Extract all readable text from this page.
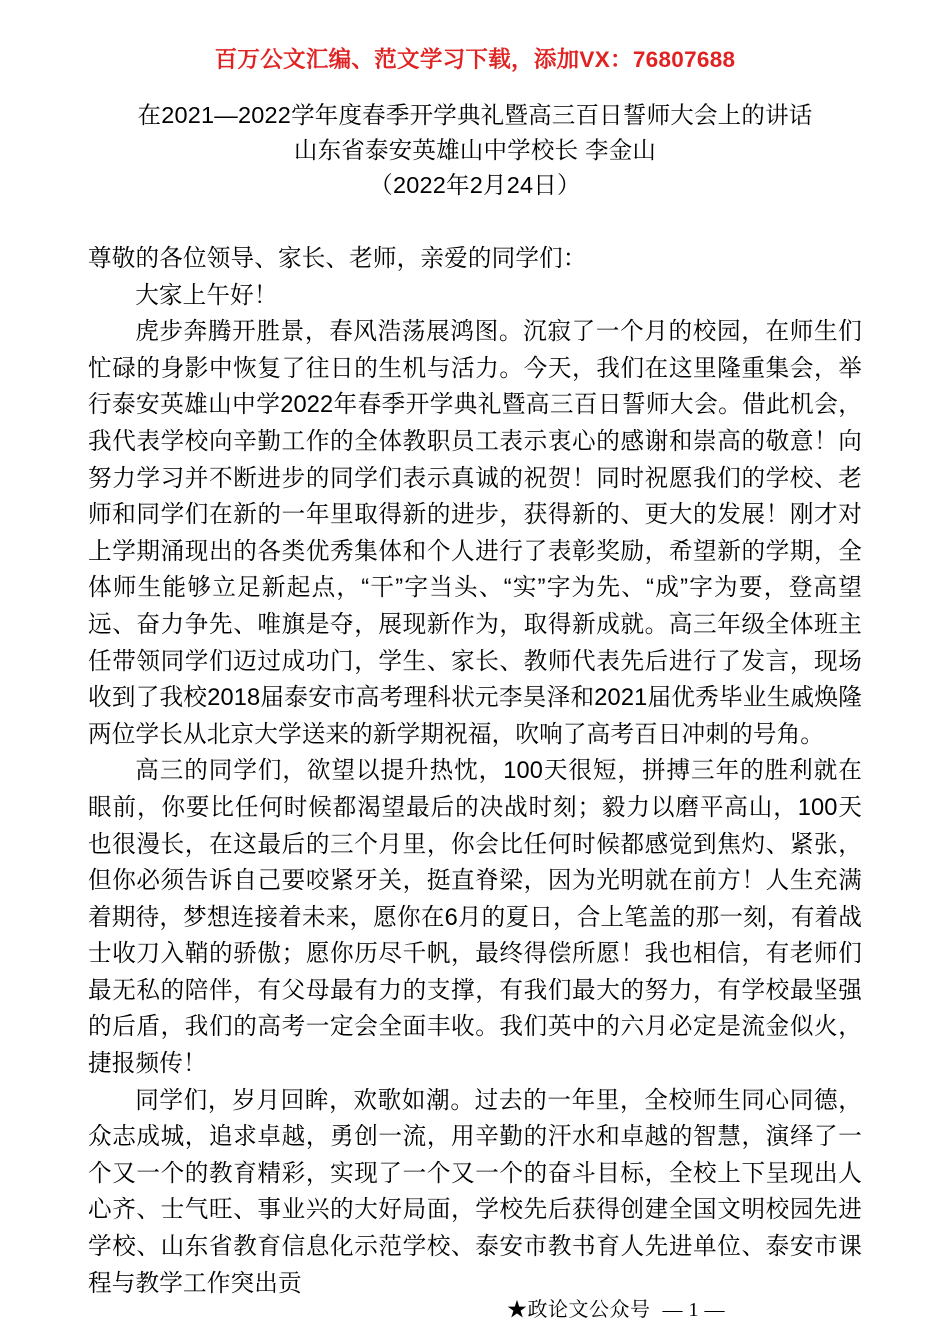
百万公文汇编、范文学习下载，添加VX：76807688
在2021—2022学年度春季开学典礼暨高三百日誓师大会上的讲话
山东省泰安英雄山中学校长 李金山
（2022年2月24日）

尊敬的各位领导、家长、老师，亲爱的同学们：

大家上午好！

虎步奔腾开胜景，春风浩荡展鸿图。沉寂了一个月的校园，在师生们忙碌的身影中恢复了往日的生机与活力。今天，我们在这里隆重集会，举行泰安英雄山中学2022年春季开学典礼暨高三百日誓师大会。借此机会，我代表学校向辛勤工作的全体教职员工表示衷心的感谢和崇高的敬意！向努力学习并不断进步的同学们表示真诚的祝贺！同时祝愿我们的学校、老师和同学们在新的一年里取得新的进步，获得新的、更大的发展！刚才对上学期涌现出的各类优秀集体和个人进行了表彰奖励，希望新的学期，全体师生能够立足新起点，“干”字当头、“实”字为先、“成”字为要，登高望远、奋力争先、唯旗是夺，展现新作为，取得新成就。高三年级全体班主任带领同学们迈过成功门，学生、家长、教师代表先后进行了发言，现场收到了我校2018届泰安市高考理科状元李昊泽和2021届优秀毕业生戚焕隆两位学长从北京大学送来的新学期祝福，吹响了高考百日冲刺的号角。

高三的同学们，欲望以提升热忱，100天很短，拼搏三年的胜利就在眼前，你要比任何时候都渴望最后的决战时刻；毅力以磨平高山，100天也很漫长，在这最后的三个月里，你会比任何时候都感觉到焦灼、紧张，但你必须告诉自己要咬紧牙关，挺直脊梁，因为光明就在前方！人生充满着期待，梦想连接着未来，愿你在6月的夏日，合上笔盖的那一刻，有着战士收刀入鞘的骄傲；愿你历尽千帆，最终得偿所愿！我也相信，有老师们最无私的陪伴，有父母最有力的支撑，有我们最大的努力，有学校最坚强的后盾，我们的高考一定会全面丰收。我们英中的六月必定是流金似火，捷报频传！

同学们，岁月回眸，欢歌如潮。过去的一年里，全校师生同心同德，众志成城，追求卓越，勇创一流，用辛勤的汗水和卓越的智慧，演绎了一个又一个的教育精彩，实现了一个又一个的奋斗目标，全校上下呈现出人心齐、士气旺、事业兴的大好局面，学校先后获得创建全国文明校园先进学校、山东省教育信息化示范学校、泰安市教书育人先进单位、泰安市课程与教学工作突出贡

★政论文公众号 — 1 —
